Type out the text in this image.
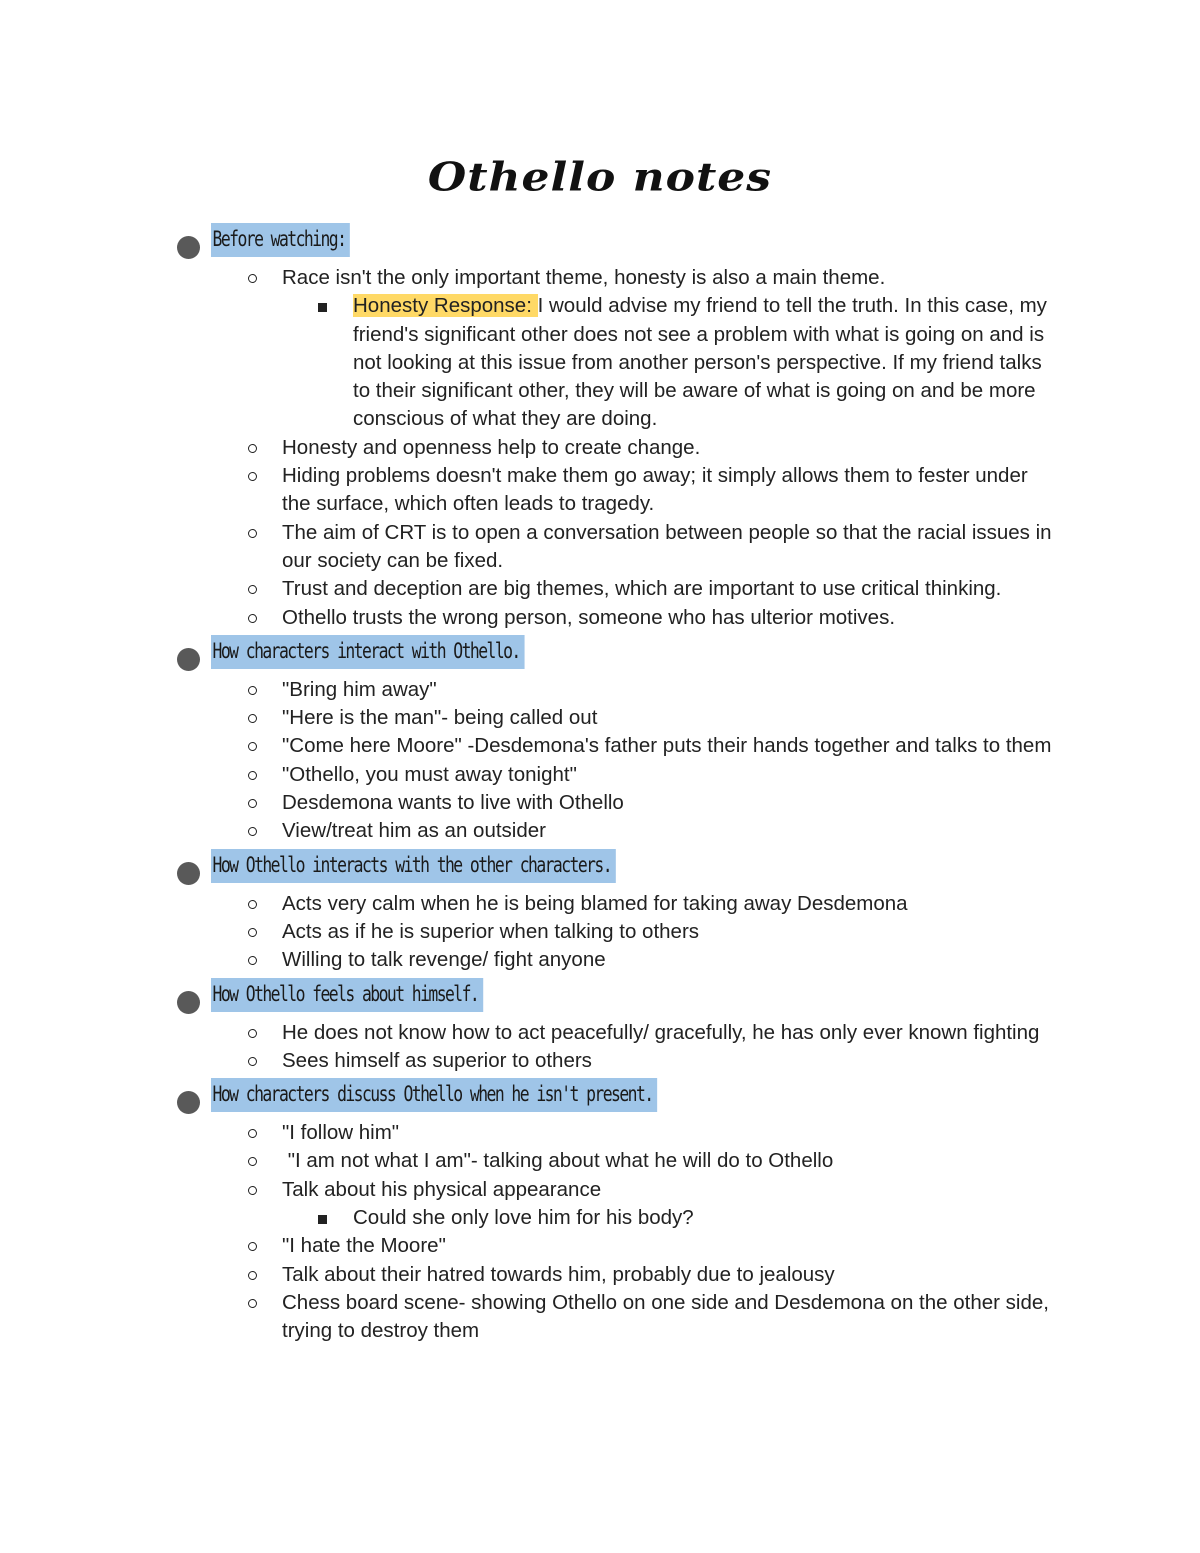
Othello notes
Before watching:
Race isn't the only important theme, honesty is also a main theme.
Honesty Response: I would advise my friend to tell the truth. In this case, my friend's significant other does not see a problem with what is going on and is not looking at this issue from another person's perspective. If my friend talks to their significant other, they will be aware of what is going on and be more conscious of what they are doing.
Honesty and openness help to create change.
Hiding problems doesn't make them go away; it simply allows them to fester under the surface, which often leads to tragedy.
The aim of CRT is to open a conversation between people so that the racial issues in our society can be fixed.
Trust and deception are big themes, which are important to use critical thinking.
Othello trusts the wrong person, someone who has ulterior motives.
How characters interact with Othello.
"Bring him away"
"Here is the man"- being called out
"Come here Moore" -Desdemona's father puts their hands together and talks to them
"Othello, you must away tonight"
Desdemona wants to live with Othello
View/treat him as an outsider
How Othello interacts with the other characters.
Acts very calm when he is being blamed for taking away Desdemona
Acts as if he is superior when talking to others
Willing to talk revenge/ fight anyone
How Othello feels about himself.
He does not know how to act peacefully/ gracefully, he has only ever known fighting
Sees himself as superior to others
How characters discuss Othello when he isn't present.
"I follow him"
"I am not what I am"- talking about what he will do to Othello
Talk about his physical appearance
Could she only love him for his body?
"I hate the Moore"
Talk about their hatred towards him, probably due to jealousy
Chess board scene- showing Othello on one side and Desdemona on the other side, trying to destroy them
